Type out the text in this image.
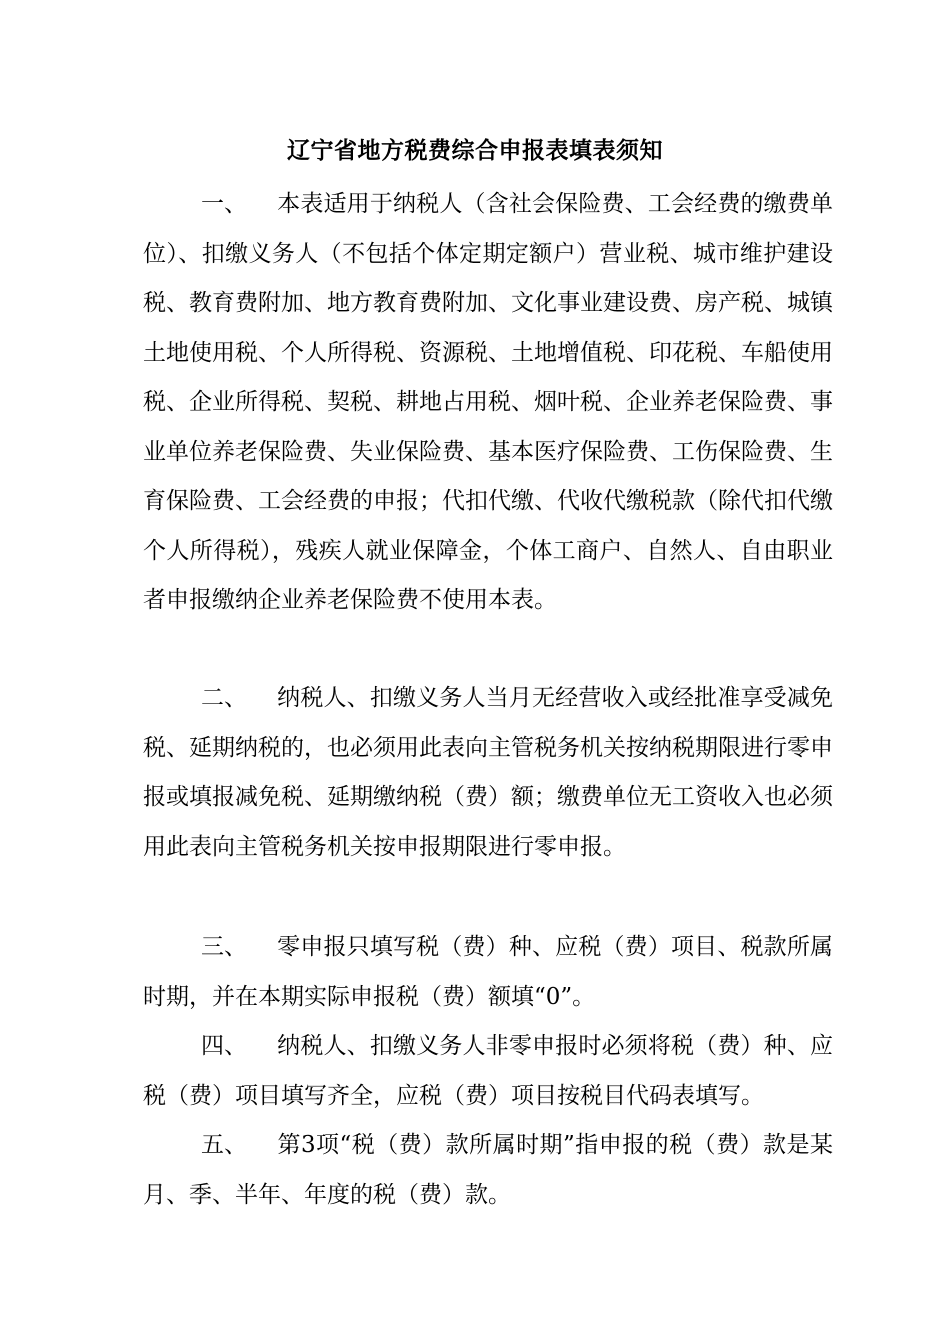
辽宁省地方税费综合申报表填表须知

一、 本表适用于纳税人（含社会保险费、工会经费的缴费单位）、扣缴义务人（不包括个体定期定额户）营业税、城市维护建设税、教育费附加、地方教育费附加、文化事业建设费、房产税、城镇土地使用税、个人所得税、资源税、土地增值税、印花税、车船使用税、企业所得税、契税、耕地占用税、烟叶税、企业养老保险费、事业单位养老保险费、失业保险费、基本医疗保险费、工伤保险费、生育保险费、工会经费的申报；代扣代缴、代收代缴税款（除代扣代缴个人所得税），残疾人就业保障金，个体工商户、自然人、自由职业者申报缴纳企业养老保险费不使用本表。

二、 纳税人、扣缴义务人当月无经营收入或经批准享受减免税、延期纳税的，也必须用此表向主管税务机关按纳税期限进行零申报或填报减免税、延期缴纳税（费）额；缴费单位无工资收入也必须用此表向主管税务机关按申报期限进行零申报。

三、 零申报只填写税（费）种、应税（费）项目、税款所属时期，并在本期实际申报税（费）额填“0”。

四、 纳税人、扣缴义务人非零申报时必须将税（费）种、应税（费）项目填写齐全，应税（费）项目按税目代码表填写。

五、 第3项“税（费）款所属时期”指申报的税（费）款是某月、季、半年、年度的税（费）款。
